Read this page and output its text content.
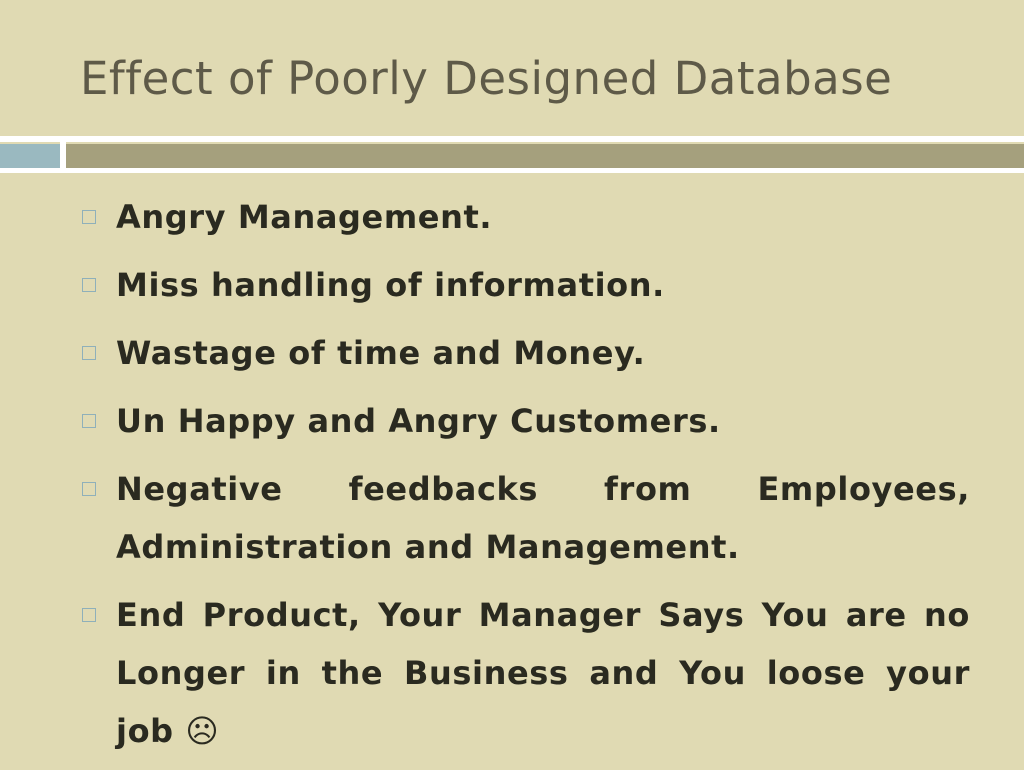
Effect of Poorly Designed Database
Angry Management.
Miss handling of information.
Wastage of time and Money.
Un Happy and Angry Customers.
Negative feedbacks from Employees, Administration and Management.
End Product, Your Manager Says You are no Longer in the Business and You loose your job ☹
